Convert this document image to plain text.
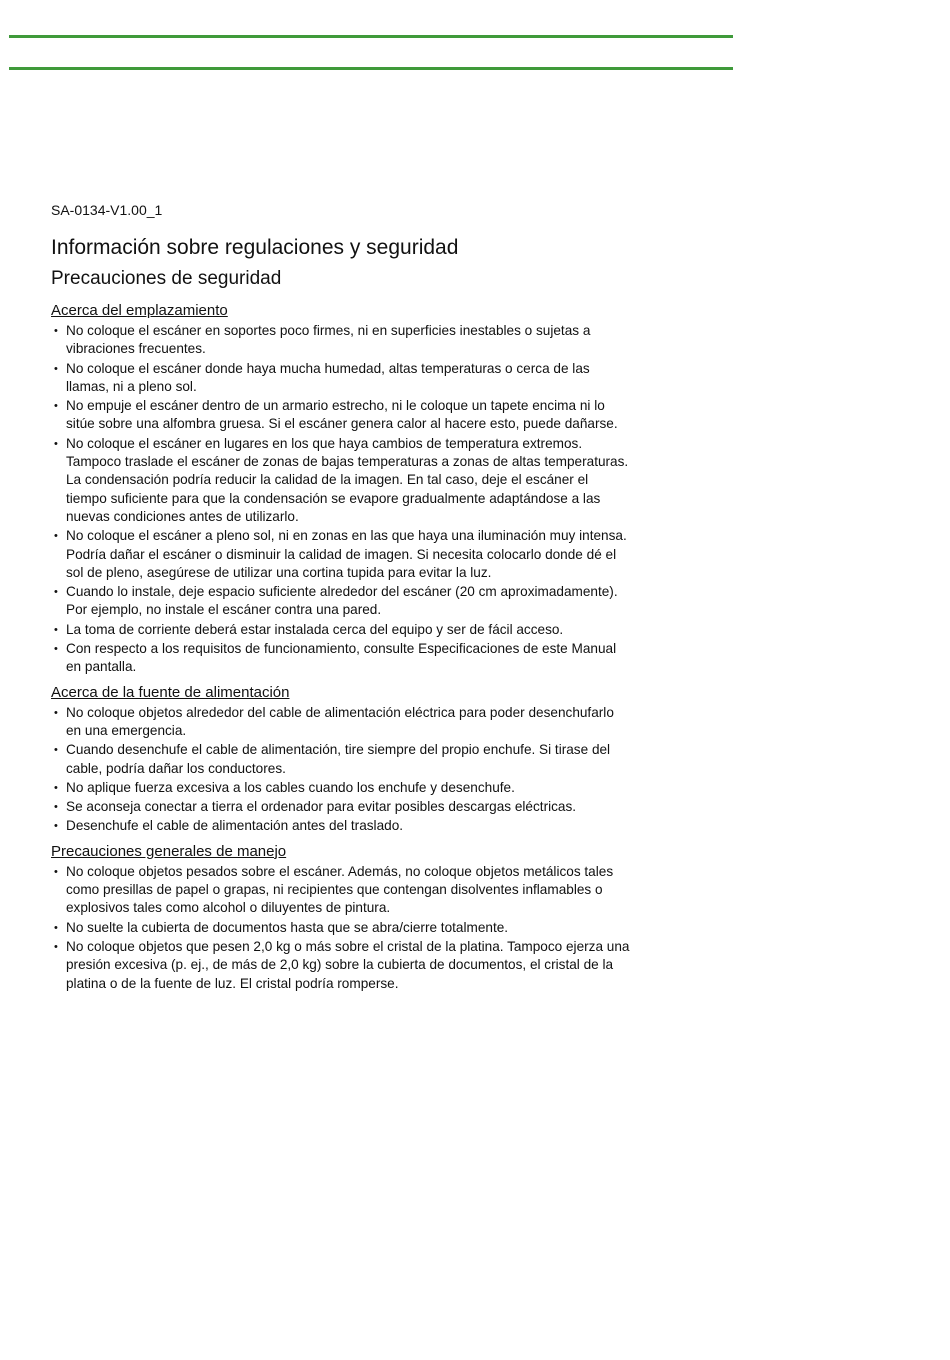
SA-0134-V1.00_1
Información sobre regulaciones y seguridad
Precauciones de seguridad
Acerca del emplazamiento
• No coloque el escáner en soportes poco firmes, ni en superficies inestables o sujetas a vibraciones frecuentes.
• No coloque el escáner donde haya mucha humedad, altas temperaturas o cerca de las llamas, ni a pleno sol.
• No empuje el escáner dentro de un armario estrecho, ni le coloque un tapete encima ni lo sitúe sobre una alfombra gruesa. Si el escáner genera calor al hacere esto, puede dañarse.
• No coloque el escáner en lugares en los que haya cambios de temperatura extremos. Tampoco traslade el escáner de zonas de bajas temperaturas a zonas de altas temperaturas. La condensación podría reducir la calidad de la imagen. En tal caso, deje el escáner el tiempo suficiente para que la condensación se evapore gradualmente adaptándose a las nuevas condiciones antes de utilizarlo.
• No coloque el escáner a pleno sol, ni en zonas en las que haya una iluminación muy intensa. Podría dañar el escáner o disminuir la calidad de imagen. Si necesita colocarlo donde dé el sol de pleno, asegúrese de utilizar una cortina tupida para evitar la luz.
• Cuando lo instale, deje espacio suficiente alrededor del escáner (20 cm aproximadamente). Por ejemplo, no instale el escáner contra una pared.
• La toma de corriente deberá estar instalada cerca del equipo y ser de fácil acceso.
• Con respecto a los requisitos de funcionamiento, consulte Especificaciones de este Manual en pantalla.
Acerca de la fuente de alimentación
• No coloque objetos alrededor del cable de alimentación eléctrica para poder desenchufarlo en una emergencia.
• Cuando desenchufe el cable de alimentación, tire siempre del propio enchufe. Si tirase del cable, podría dañar los conductores.
• No aplique fuerza excesiva a los cables cuando los enchufe y desenchufe.
• Se aconseja conectar a tierra el ordenador para evitar posibles descargas eléctricas.
• Desenchufe el cable de alimentación antes del traslado.
Precauciones generales de manejo
• No coloque objetos pesados sobre el escáner. Además, no coloque objetos metálicos tales como presillas de papel o grapas, ni recipientes que contengan disolventes inflamables o explosivos tales como alcohol o diluyentes de pintura.
• No suelte la cubierta de documentos hasta que se abra/cierre totalmente.
• No coloque objetos que pesen 2,0 kg o más sobre el cristal de la platina. Tampoco ejerza una presión excesiva (p. ej., de más de 2,0 kg) sobre la cubierta de documentos, el cristal de la platina o de la fuente de luz. El cristal podría romperse.
